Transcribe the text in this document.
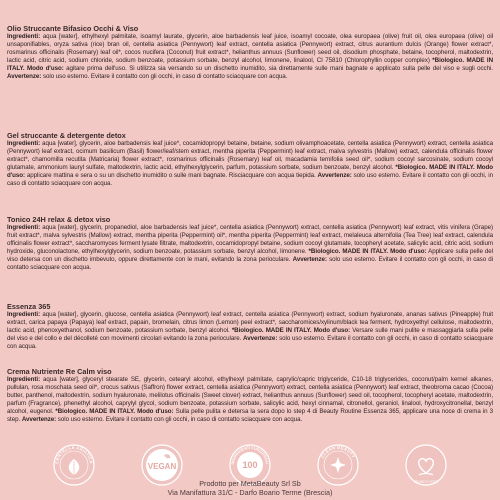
Olio Struccante Bifasico Occhi & Viso

Ingredienti: aqua [water], ethylhexyl palmitate, isoamyl laurate, glycerin, aloe barbadensis leaf juice, isoamyl cocoate, olea europaea (olive) fruit oil, olea europaea (olive) oil unsaponifiables, oryza sativa (rice) bran oil, centella asiatica (Pennywort) leaf extract, centella asiatica (Pennywort) extract, citrus aurantium dulcis (Orange) flower extract*, rosmarinus officinalis (Rosemary) leaf oil*, cocos nucifera (Coconut) fruit extract*, helianthus annuus (Sunflower) seed oil, disodium phosphate, betaine, tocopherol, maltodextrin, lactic acid, citric acid, sodium chloride, sodium benzoate, potassium sorbate, benzyl alcohol, limonene, linalool, CI 75810 (Chlorophyllin copper complex) *Biologico. MADE IN ITALY. Modo d'uso: agitare prima dell'uso. Si utilizza sia versando su un dischetto inumidito, sia direttamente sulle mani bagnate e applicato sulla pelle del viso e sugli occhi. Avvertenze: solo uso esterno. Evitare il contatto con gli occhi, in caso di contatto sciacquare con acqua.

Gel struccante & detergente detox

Ingredienti: aqua [water], glycerin, aloe barbadensis leaf juice*, cocamidopropyl betaine, betaine, sodium olivamphoacetate, centella asiatica (Pennywort) extract, centella asiatica (Pennywort) leaf extract, ocimum basilicum (Basil) flower/leaf/stem extract, mentha piperita (Peppermint) leaf extract, malva sylvestris (Mallow) extract, calendula officinalis flower extract*, chamomilla recutita (Matricaria) flower extract*, rosmarinus officinalis (Rosemary) leaf oil, macadamia ternifolia seed oil*, sodium cocoyl sarcosinate, sodium cocoyl glutamate, ammonium lauryl sulfate, maltodextrin, lactic acid, ethylhexylglycerin, parfum, potassium sorbate, sodium benzoate, benzyl alcohol. *Biologico. MADE IN ITALY. Modo d'uso: applicare mattina e sera o su un dischetto inumidito o sulle mani bagnate. Risciacquare con acqua tiepida. Avvertenze: solo uso esterno. Evitare il contatto con gli occhi, in caso di contatto sciacquare con acqua.

Tonico 24H relax & detox viso

Ingredienti: aqua [water], glycerin, propanediol, aloe barbadensis leaf juice*, centella asiatica (Pennywort) extract, centella asiatica (Pennywort) leaf extract, vitis vinifera (Grape) fruit extract*, malva sylvestris (Mallow) extract, mentha piperita (Peppermint) oil*, mentha piperita (Peppermint) leaf extract, melaleuca alternifolia (Tea Tree) leaf extract, calendula officinalis flower extract*, saccharomyces ferment lysate filtrate, maltodextrin, cocamidopropyl betaine, sodium cocoyl glutamate, tocopheryl acetate, salicylic acid, citric acid, sodium hydroxide, gluconolactone, ethylhexylglycerin, sodium benzoate, potassium sorbate, benzyl alcohol, limonene. *Biologico. MADE IN ITALY. Modo d'uso: Applicare sulla pelle del viso detersa con un dischetto imbevuto, oppure direttamente con le mani, evitando la zona perioculare. Avvertenze: solo uso esterno. Evitare il contatto con gli occhi, in caso di contatto sciacquare con acqua.

Essenza 365

Ingredienti: aqua [water], glycerin, glucose, centella asiatica (Pennywort) leaf extract, centella asiatica (Pennywort) extract, sodium hyaluronate, ananas sativus (Pineapple) fruit extract, carica papaya (Papaya) leaf extract, papain, bromelain, citrus limon (Lemon) peel extract*, saccharomices/xylinum/black tea ferment, hydroxyethyl cellulose, maltodextrin, lactic acid, phenoxyethanol, sodium benzoate, potassium sorbate, benzyl alcohol. *Biologico. MADE IN ITALY. Modo d'uso: Versare sulle mani pulite e massaggiarla sulla pelle del viso e del collo e del décolleté con movimenti circolari evitando la zona perioculare. Avvertenze: solo uso esterno. Evitare il contatto con gli occhi, in caso di contatto sciacquare con acqua.

Crema Nutriente Re Calm viso

Ingredienti: aqua [water], glyceryl stearate SE, glycerin, cetearyl alcohol, ethylhexyl palmitate, caprylic/capric triglyceride, C10-18 triglycerides, coconut/palm kernel alkanes, pullulan, rosa moschata seed oil*, crocus sativus (Saffron) flower extract, centella asiatica (Pennywort) extract, centella asiatica (Pennywort) leaf extract, theobroma cacao (Cocoa) butter, panthenol, maltodextrin, sodium hyaluronate, melilotus officinalis (Sweet clover) extract, helianthus annuus (Sunflower) seed oil, tocopherol, tocopheryl acetate, maltodextrin, parfum (Fragrance), phenethyl alcohol, caprylyl glycol, sodium benzoate, potassium sorbate, salicylic acid, hexyl cinnamal, citronellol, geraniol, linalool, hydroxycitronellal, benzyl alcohol, eugenol. *Biologico. MADE IN ITALY. Modo d'uso: Sulla pelle pulita e detersa la sera dopo lo step 4 di Beauty Routine Essenza 365, applicare una noce di crema in 3 step. Avvertenze: solo uso esterno. Evitare il contatto con gli occhi, in caso di contatto sciacquare con acqua.

CENTELLA ASIATICA	VEGAN	INGREDIENTI FUNZIONALI
100
CLEAN BEAUTY
CRUELTY FREE
Prodotto per MetaBeauty Srl Sb
Via Manifattura 31/C - Darfo Boario Terme (Brescia)
